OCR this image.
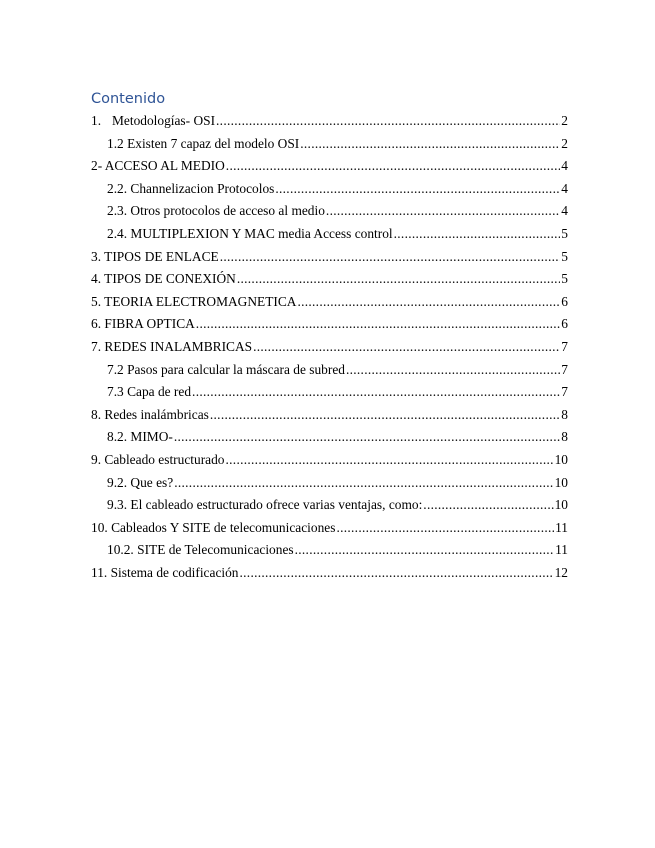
Contenido
1. Metodologías- OSI .....	2
1.2 Existen 7 capaz del modelo OSI .....	2
2- ACCESO AL MEDIO .....	4
2.2. Channelizacion Protocolos .....	4
2.3. Otros protocolos de acceso al medio .....	4
2.4. MULTIPLEXION Y MAC media Access control .....	5
3. TIPOS DE ENLACE .....	5
4. TIPOS DE CONEXIÓN .....	5
5. TEORIA ELECTROMAGNETICA .....	6
6. FIBRA OPTICA .....	6
7. REDES INALAMBRICAS .....	7
7.2 Pasos para calcular la máscara de subred .....	7
7.3 Capa de red .....	7
8. Redes inalámbricas .....	8
8.2. MIMO- .....	8
9. Cableado estructurado .....	10
9.2. Que es? .....	10
9.3. El cableado estructurado ofrece varias ventajas, como: .....	10
10. Cableados Y SITE de telecomunicaciones .....	11
10.2. SITE de Telecomunicaciones .....	11
11. Sistema de codificación .....	12
